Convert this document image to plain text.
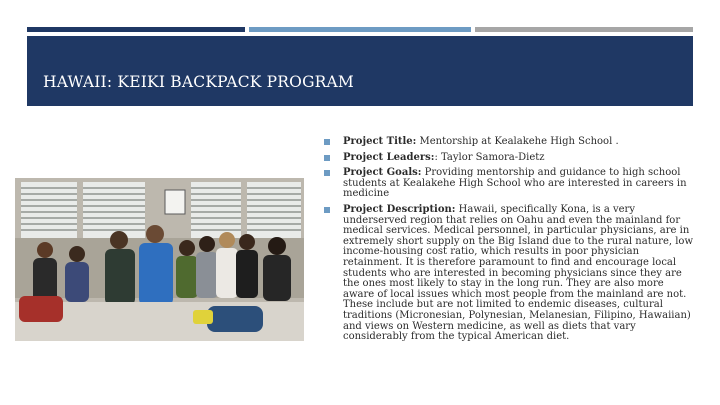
HAWAII: KEIKI BACKPACK PROGRAM
Project Title: Mentorship at Kealakehe High School .
Project Leaders:: Taylor Samora-Dietz
Project Goals: Providing mentorship and guidance to high school students at Kealakehe High School who are interested in careers in medicine
Project Description: Hawaii, specifically Kona, is a very underserved region that relies on Oahu and even the mainland for medical services. Medical personnel, in particular physicians, are in extremely short supply on the Big Island due to the rural nature, low income-housing cost ratio, which results in poor physician retainment. It is therefore paramount to find and encourage local students who are interested in becoming physicians since they are the ones most likely to stay in the long run. They are also more aware of local issues which most people from the mainland are not. These include but are not limited to endemic diseases, cultural traditions (Micronesian, Polynesian, Melanesian, Filipino, Hawaiian) and views on Western medicine, as well as diets that vary considerably from the typical American diet.
